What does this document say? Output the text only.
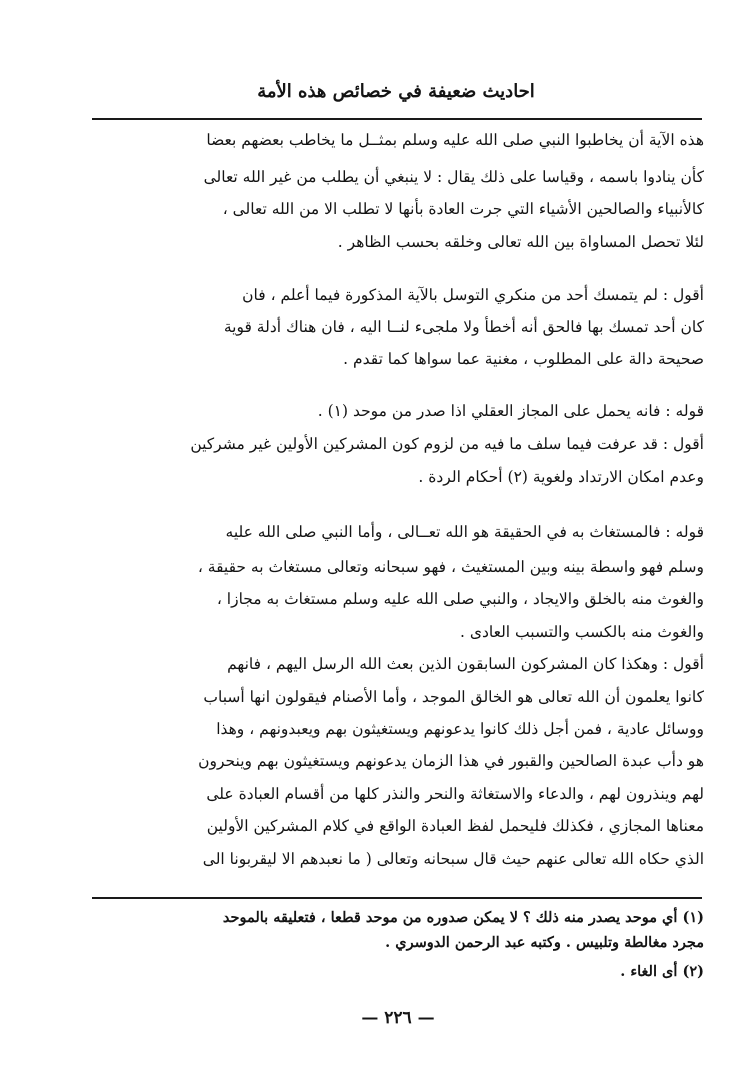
احاديث ضعيفة في خصائص هذه الأمة
هذه الآية أن يخاطبوا النبي صلى الله عليه وسلم بمثــل ما يخاطب بعضهم بعضا
كأن ينادوا باسمه ، وقياسا على ذلك يقال : لا ينبغي أن يطلب من غير الله تعالى
كالأنبياء والصالحين الأشياء التي جرت العادة بأنها لا تطلب الا من الله تعالى ،
لئلا تحصل المساواة بين الله تعالى وخلقه بحسب الظاهر .
أقول : لم يتمسك أحد من منكري التوسل بالآية المذكورة فيما أعلم ، فان
كان أحد تمسك بها فالحق أنه أخطأ ولا ملجىء لنــا اليه ، فان هناك أدلة قوية
صحيحة دالة على المطلوب ، مغنية عما سواها كما تقدم .
قوله : فانه يحمل على المجاز العقلي اذا صدر من موحد (١) .
أقول : قد عرفت فيما سلف ما فيه من لزوم كون المشركين الأولين غير مشركين
وعدم امكان الارتداد ولغوية (٢) أحكام الردة .
قوله : فالمستغاث به في الحقيقة هو الله تعــالى ، وأما النبي صلى الله عليه
وسلم فهو واسطة بينه وبين المستغيث ، فهو سبحانه وتعالى مستغاث به حقيقة ،
والغوث منه بالخلق والايجاد ، والنبي صلى الله عليه وسلم مستغاث به مجازا ،
والغوث منه بالكسب والتسبب العادى .
أقول : وهكذا كان المشركون السابقون الذين بعث الله الرسل اليهم ، فانهم
كانوا يعلمون أن الله تعالى هو الخالق الموجد ، وأما الأصنام فيقولون انها أسباب
ووسائل عادية ، فمن أجل ذلك كانوا يدعونهم ويستغيثون بهم ويعبدونهم ، وهذا
هو دأب عبدة الصالحين والقبور في هذا الزمان يدعونهم ويستغيثون بهم وينحرون
لهم وينذرون لهم ، والدعاء والاستغاثة والنحر والنذر كلها من أقسام العبادة على
معناها المجازي ، فكذلك فليحمل لفظ العبادة الواقع في كلام المشركين الأولين
الذي حكاه الله تعالى عنهم حيث قال سبحانه وتعالى ( ما نعبدهم الا ليقربونا الى
(١) أي موحد يصدر منه ذلك ؟ لا يمكن صدوره من موحد قطعا ، فتعليقه بالموحد
مجرد مغالطة وتلبيس . وكتبه عبد الرحمن الدوسري .
(٢) أى الغاء .
— ٢٢٦ —
